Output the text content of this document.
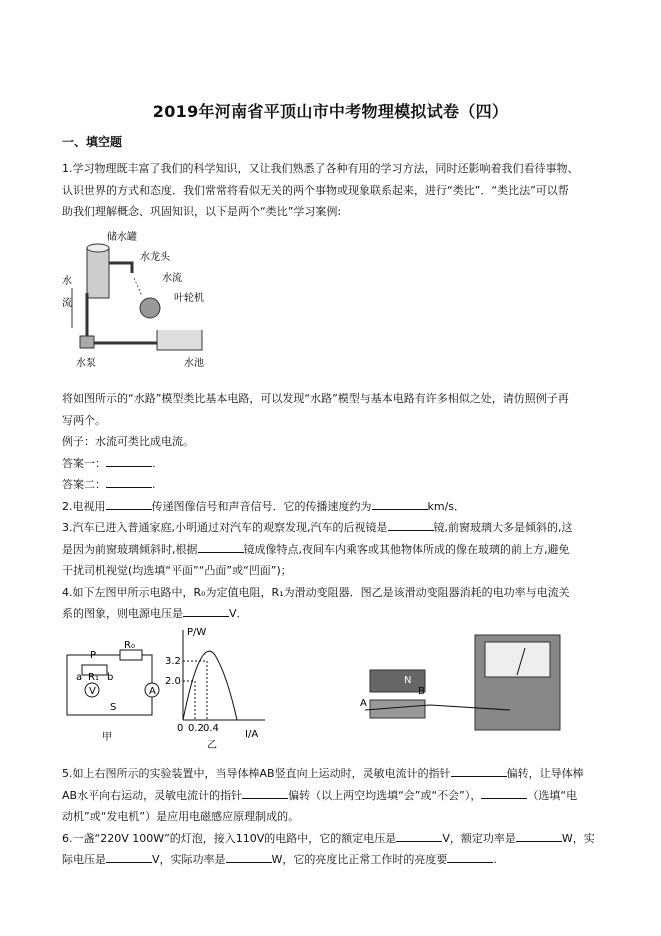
2019年河南省平顶山市中考物理模拟试卷（四）
一、填空题
1.学习物理既丰富了我们的科学知识，又让我们熟悉了各种有用的学习方法，同时还影响着我们看待事物、
认识世界的方式和态度．我们常常将看似无关的两个事物或现象联系起来，进行“类比”．“类比法”可以帮
助我们理解概念、巩固知识，以下是两个“类比”学习案例:
储水罐
水龙头
水流
叶轮机
水
流
水泵	水池
将如图所示的“水路”模型类比基本电路，可以发现“水路”模型与基本电路有许多相似之处，请仿照例子再
写两个。
例子：水流可类比成电流。
答案一：	.
答案二：	.
2.电视用	传递图像信号和声音信号．它的传播速度约为	km/s．
3.汽车已进入普通家庭,小明通过对汽车的观察发现,汽车的后视镜是	镜,前窗玻璃大多是倾斜的,这
是因为前窗玻璃倾斜时,根据	镜成像特点,夜间车内乘客或其他物体所成的像在玻璃的前上方,避免
干扰司机视觉(均选填“平面”“凸面”或“凹面”)；
4.如下左图甲所示电路中，R₀为定值电阻，R₁为滑动变阻器．图乙是该滑动变阻器消耗的电功率与电流关
系的图象，则电源电压是	V．
P
R₀
a R₁ b
V	A
S
甲
P/W
I/A
3.2
2.0
0 0.2 0.4
乙
N
A
B
5.如上右图所示的实验装置中，当导体棒AB竖直向上运动时，灵敏电流计的指针	偏转，让导体棒
AB水平向右运动，灵敏电流计的指针	偏转（以上两空均选填“会”或“不会”），	（选填“电
动机”或“发电机”）是应用电磁感应原理制成的。
6.一盏“220V 100W”的灯泡，接入110V的电路中，它的额定电压是	V，额定功率是	W，实
际电压是	V，实际功率是	W，它的亮度比正常工作时的亮度要	.
